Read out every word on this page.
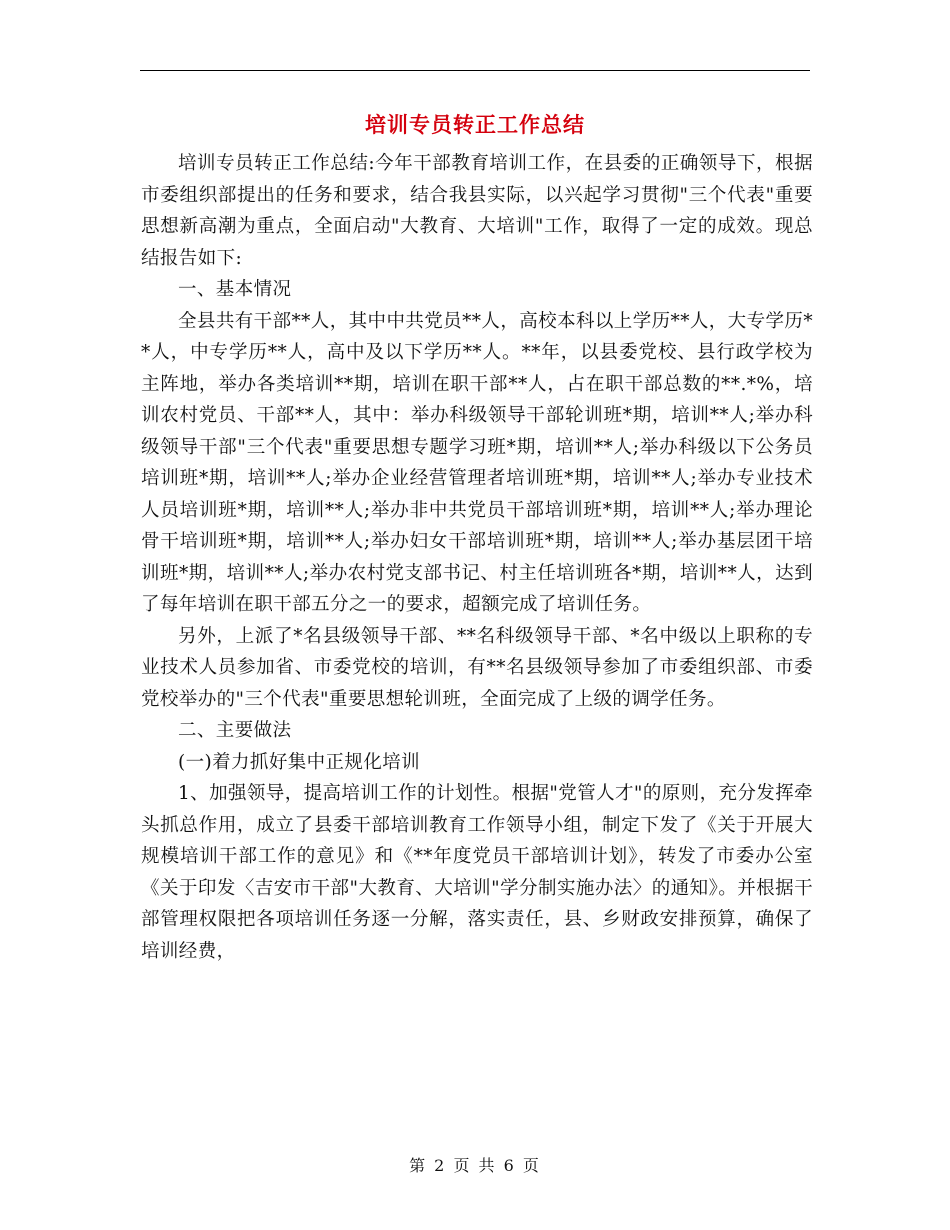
培训专员转正工作总结

培训专员转正工作总结:今年干部教育培训工作，在县委的正确领导下，根据市委组织部提出的任务和要求，结合我县实际，以兴起学习贯彻"三个代表"重要思想新高潮为重点，全面启动"大教育、大培训"工作，取得了一定的成效。现总结报告如下:

一、基本情况

全县共有干部**人，其中中共党员**人，高校本科以上学历**人，大专学历**人，中专学历**人，高中及以下学历**人。**年，以县委党校、县行政学校为主阵地，举办各类培训**期，培训在职干部**人，占在职干部总数的**.*%，培训农村党员、干部**人，其中：举办科级领导干部轮训班*期，培训**人;举办科级领导干部"三个代表"重要思想专题学习班*期，培训**人;举办科级以下公务员培训班*期，培训**人;举办企业经营管理者培训班*期，培训**人;举办专业技术人员培训班*期，培训**人;举办非中共党员干部培训班*期，培训**人;举办理论骨干培训班*期，培训**人;举办妇女干部培训班*期，培训**人;举办基层团干培训班*期，培训**人;举办农村党支部书记、村主任培训班各*期，培训**人，达到了每年培训在职干部五分之一的要求，超额完成了培训任务。

另外，上派了*名县级领导干部、**名科级领导干部、*名中级以上职称的专业技术人员参加省、市委党校的培训，有**名县级领导参加了市委组织部、市委党校举办的"三个代表"重要思想轮训班，全面完成了上级的调学任务。

二、主要做法

(一)着力抓好集中正规化培训

1、加强领导，提高培训工作的计划性。根据"党管人才"的原则，充分发挥牵头抓总作用，成立了县委干部培训教育工作领导小组，制定下发了《关于开展大规模培训干部工作的意见》和《**年度党员干部培训计划》，转发了市委办公室《关于印发〈吉安市干部"大教育、大培训"学分制实施办法〉的通知》。并根据干部管理权限把各项培训任务逐一分解，落实责任，县、乡财政安排预算，确保了培训经费，

第 2 页 共 6 页
